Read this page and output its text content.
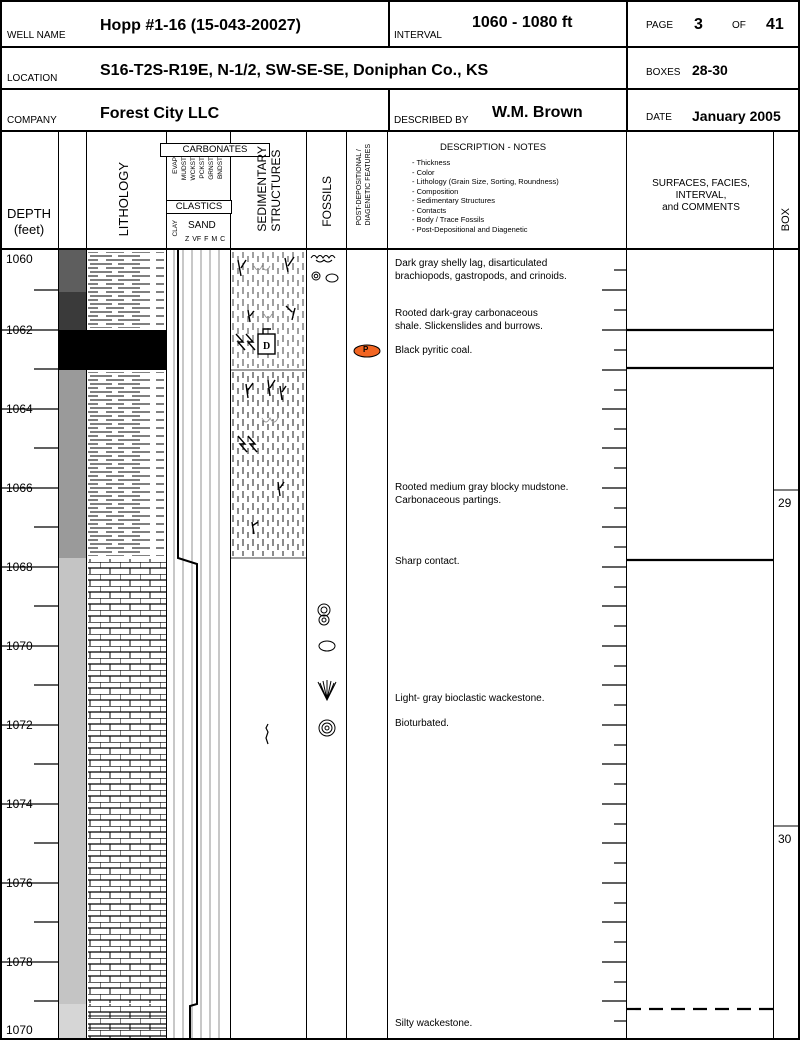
WELL NAME
Hopp #1-16 (15-043-20027)
INTERVAL
1060 - 1080 ft	PAGE 3	OF 41
LOCATION	S16-T2S-R19E, N-1/2, SW-SE-SE, Doniphan Co., KS	BOXES 28-30
COMPANY	Forest City LLC	DESCRIBED BY W.M. Brown	DATE January 2005
DEPTH
(feet)	LITHOLOGY
CARBONATES
EVAP MUDST WCKST PCKST GRNST BNDST
CLASTICS
CLAY SAND
Z VF F M C
SEDIMENTARY
STRUCTURES	FOSSILS	POST-DEPOSITIONAL / DIAGENETIC FEATURES	DESCRIPTION - NOTES
- Thickness
- Color
- Lithology (Grain Size, Sorting, Roundness)
- Composition
- Sedimentary Structures
- Contacts
- Body / Trace Fossils
- Post-Depositional and Diagenetic
SURFACES, FACIES,
INTERVAL,
and COMMENTS
BOX
D	P
1060
1062
1064
1066
1068
1070
1072
1074
1076
1078
1070
Dark gray shelly lag, disarticulated
brachiopods, gastropods, and crinoids.
Rooted dark-gray carbonaceous
shale. Slickenslides and burrows.
Black pyritic coal.
Rooted medium gray blocky mudstone.
Carbonaceous partings.
Sharp contact.
Light- gray bioclastic wackestone.
Bioturbated.
Silty wackestone.
29
30
